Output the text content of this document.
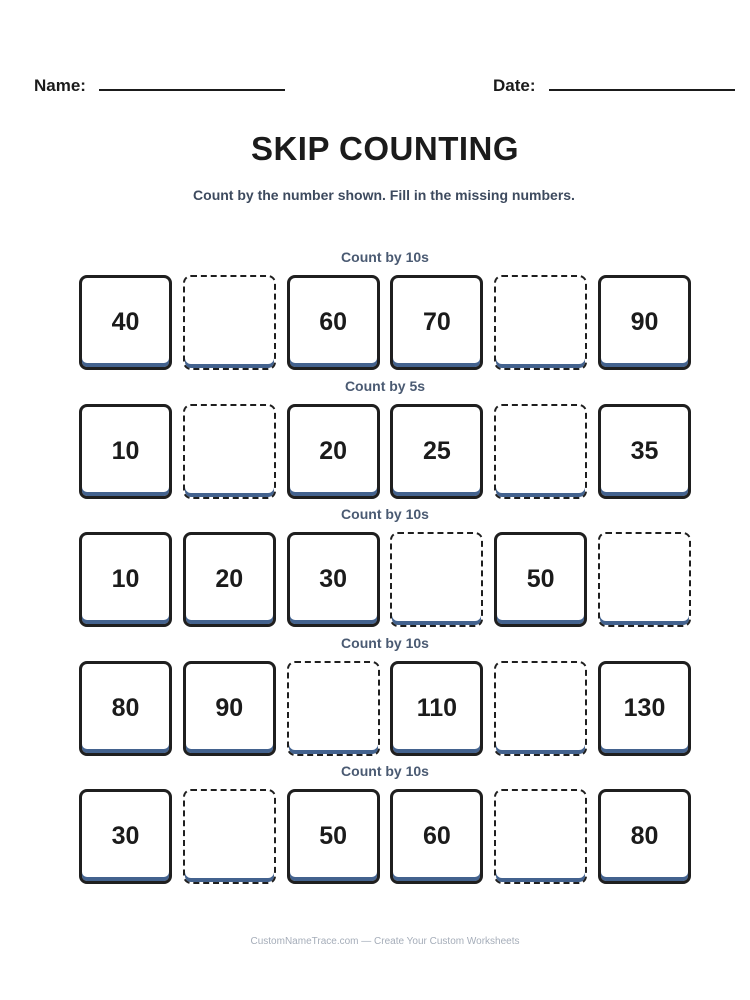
Name:	Date:
SKIP COUNTING
Count by the number shown. Fill in the missing numbers.
Count by 10s
40	60	70	90
Count by 5s
10	20	25	35
Count by 10s
10	20	30	50
Count by 10s
80	90	110	130
Count by 10s
30	50	60	80
CustomNameTrace.com — Create Your Custom Worksheets
